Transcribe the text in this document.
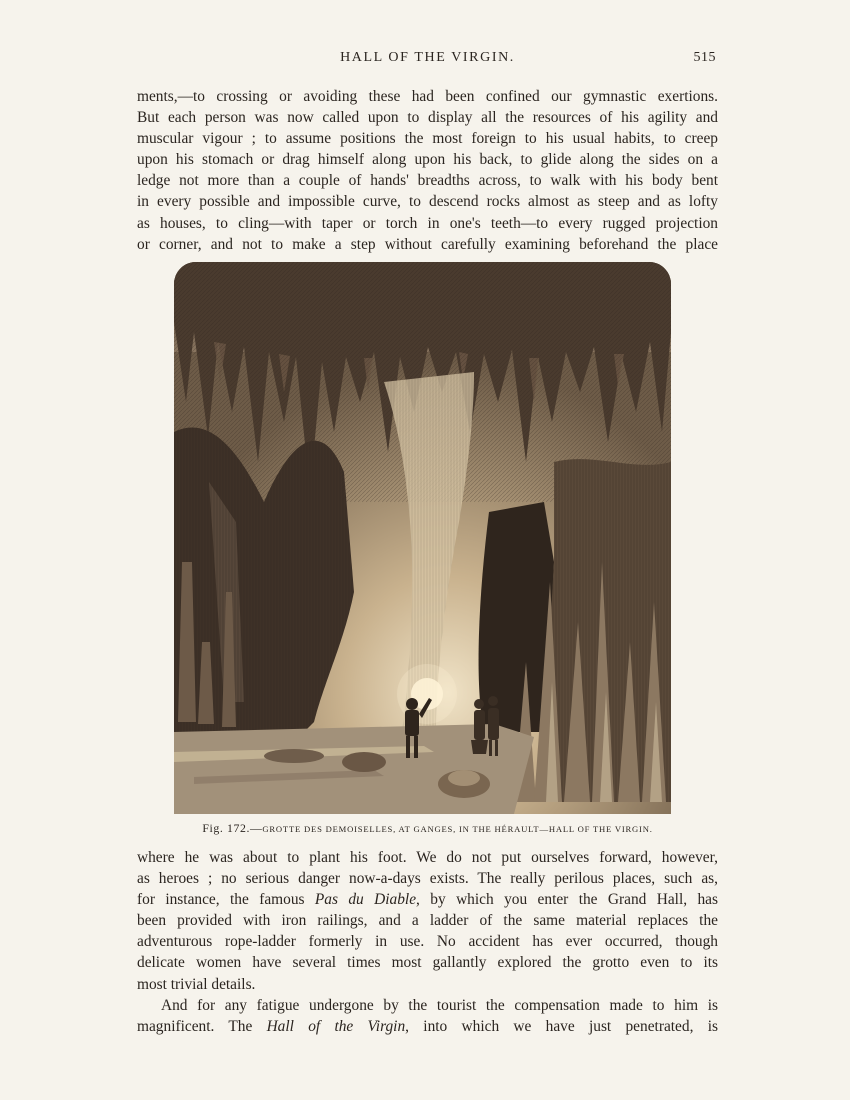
HALL OF THE VIRGIN.	515

ments,—to crossing or avoiding these had been confined our gymnastic exertions.
But each person was now called upon to display all the resources of his agility and
muscular vigour ; to assume positions the most foreign to his usual habits, to creep
upon his stomach or drag himself along upon his back, to glide along the sides on a
ledge not more than a couple of hands' breadths across, to walk with his body bent
in every possible and impossible curve, to descend rocks almost as steep and as lofty
as houses, to cling—with taper or torch in one's teeth—to every rugged projection
or corner, and not to make a step without carefully examining beforehand the place

Fig. 172.—GROTTE DES DEMOISELLES, AT GANGES, IN THE HÉRAULT—HALL OF THE VIRGIN.

where he was about to plant his foot. We do not put ourselves forward, however,
as heroes ; no serious danger now-a-days exists. The really perilous places, such as,
for instance, the famous Pas du Diable, by which you enter the Grand Hall, has
been provided with iron railings, and a ladder of the same material replaces the
adventurous rope-ladder formerly in use. No accident has ever occurred, though
delicate women have several times most gallantly explored the grotto even to its
most trivial details.

And for any fatigue undergone by the tourist the compensation made to him is
magnificent. The Hall of the Virgin, into which we have just penetrated, is
